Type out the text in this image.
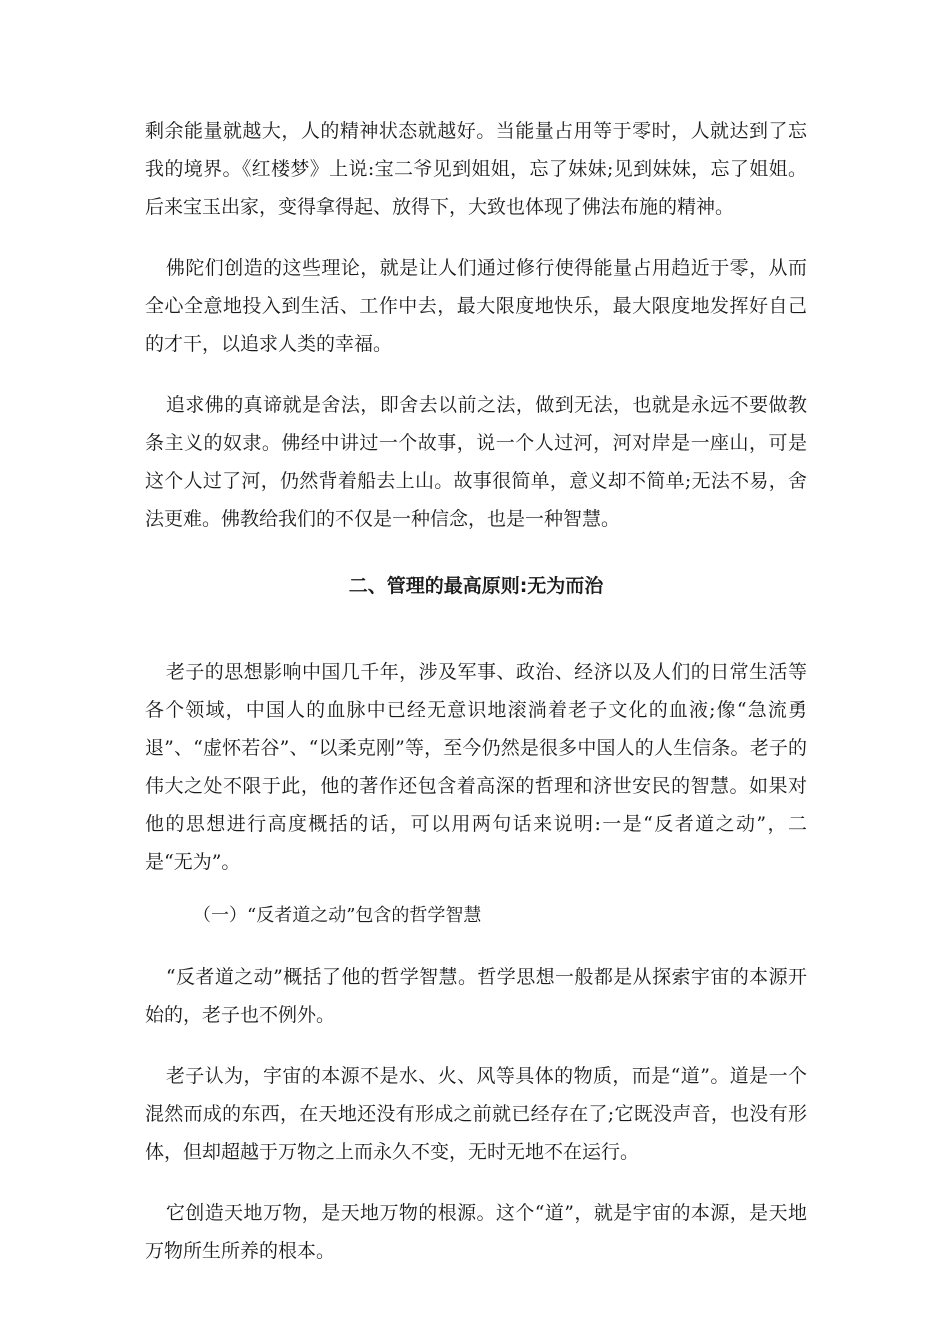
剩余能量就越大，人的精神状态就越好。当能量占用等于零时，人就达到了忘我的境界。《红楼梦》上说:宝二爷见到姐姐，忘了妹妹;见到妹妹，忘了姐姐。后来宝玉出家，变得拿得起、放得下，大致也体现了佛法布施的精神。

佛陀们创造的这些理论，就是让人们通过修行使得能量占用趋近于零，从而全心全意地投入到生活、工作中去，最大限度地快乐，最大限度地发挥好自己的才干，以追求人类的幸福。

追求佛的真谛就是舍法，即舍去以前之法，做到无法，也就是永远不要做教条主义的奴隶。佛经中讲过一个故事，说一个人过河，河对岸是一座山，可是这个人过了河，仍然背着船去上山。故事很简单，意义却不简单;无法不易，舍法更难。佛教给我们的不仅是一种信念，也是一种智慧。

二、管理的最高原则:无为而治

老子的思想影响中国几千年，涉及军事、政治、经济以及人们的日常生活等各个领域，中国人的血脉中已经无意识地滚淌着老子文化的血液;像“急流勇退”、“虚怀若谷”、“以柔克刚”等，至今仍然是很多中国人的人生信条。老子的伟大之处不限于此，他的著作还包含着高深的哲理和济世安民的智慧。如果对他的思想进行高度概括的话，可以用两句话来说明:一是“反者道之动”，二是“无为”。

（一）“反者道之动”包含的哲学智慧

“反者道之动”概括了他的哲学智慧。哲学思想一般都是从探索宇宙的本源开始的，老子也不例外。

老子认为，宇宙的本源不是水、火、风等具体的物质，而是“道”。道是一个混然而成的东西，在天地还没有形成之前就已经存在了;它既没声音，也没有形体，但却超越于万物之上而永久不变，无时无地不在运行。

它创造天地万物，是天地万物的根源。这个“道”，就是宇宙的本源，是天地万物所生所养的根本。
